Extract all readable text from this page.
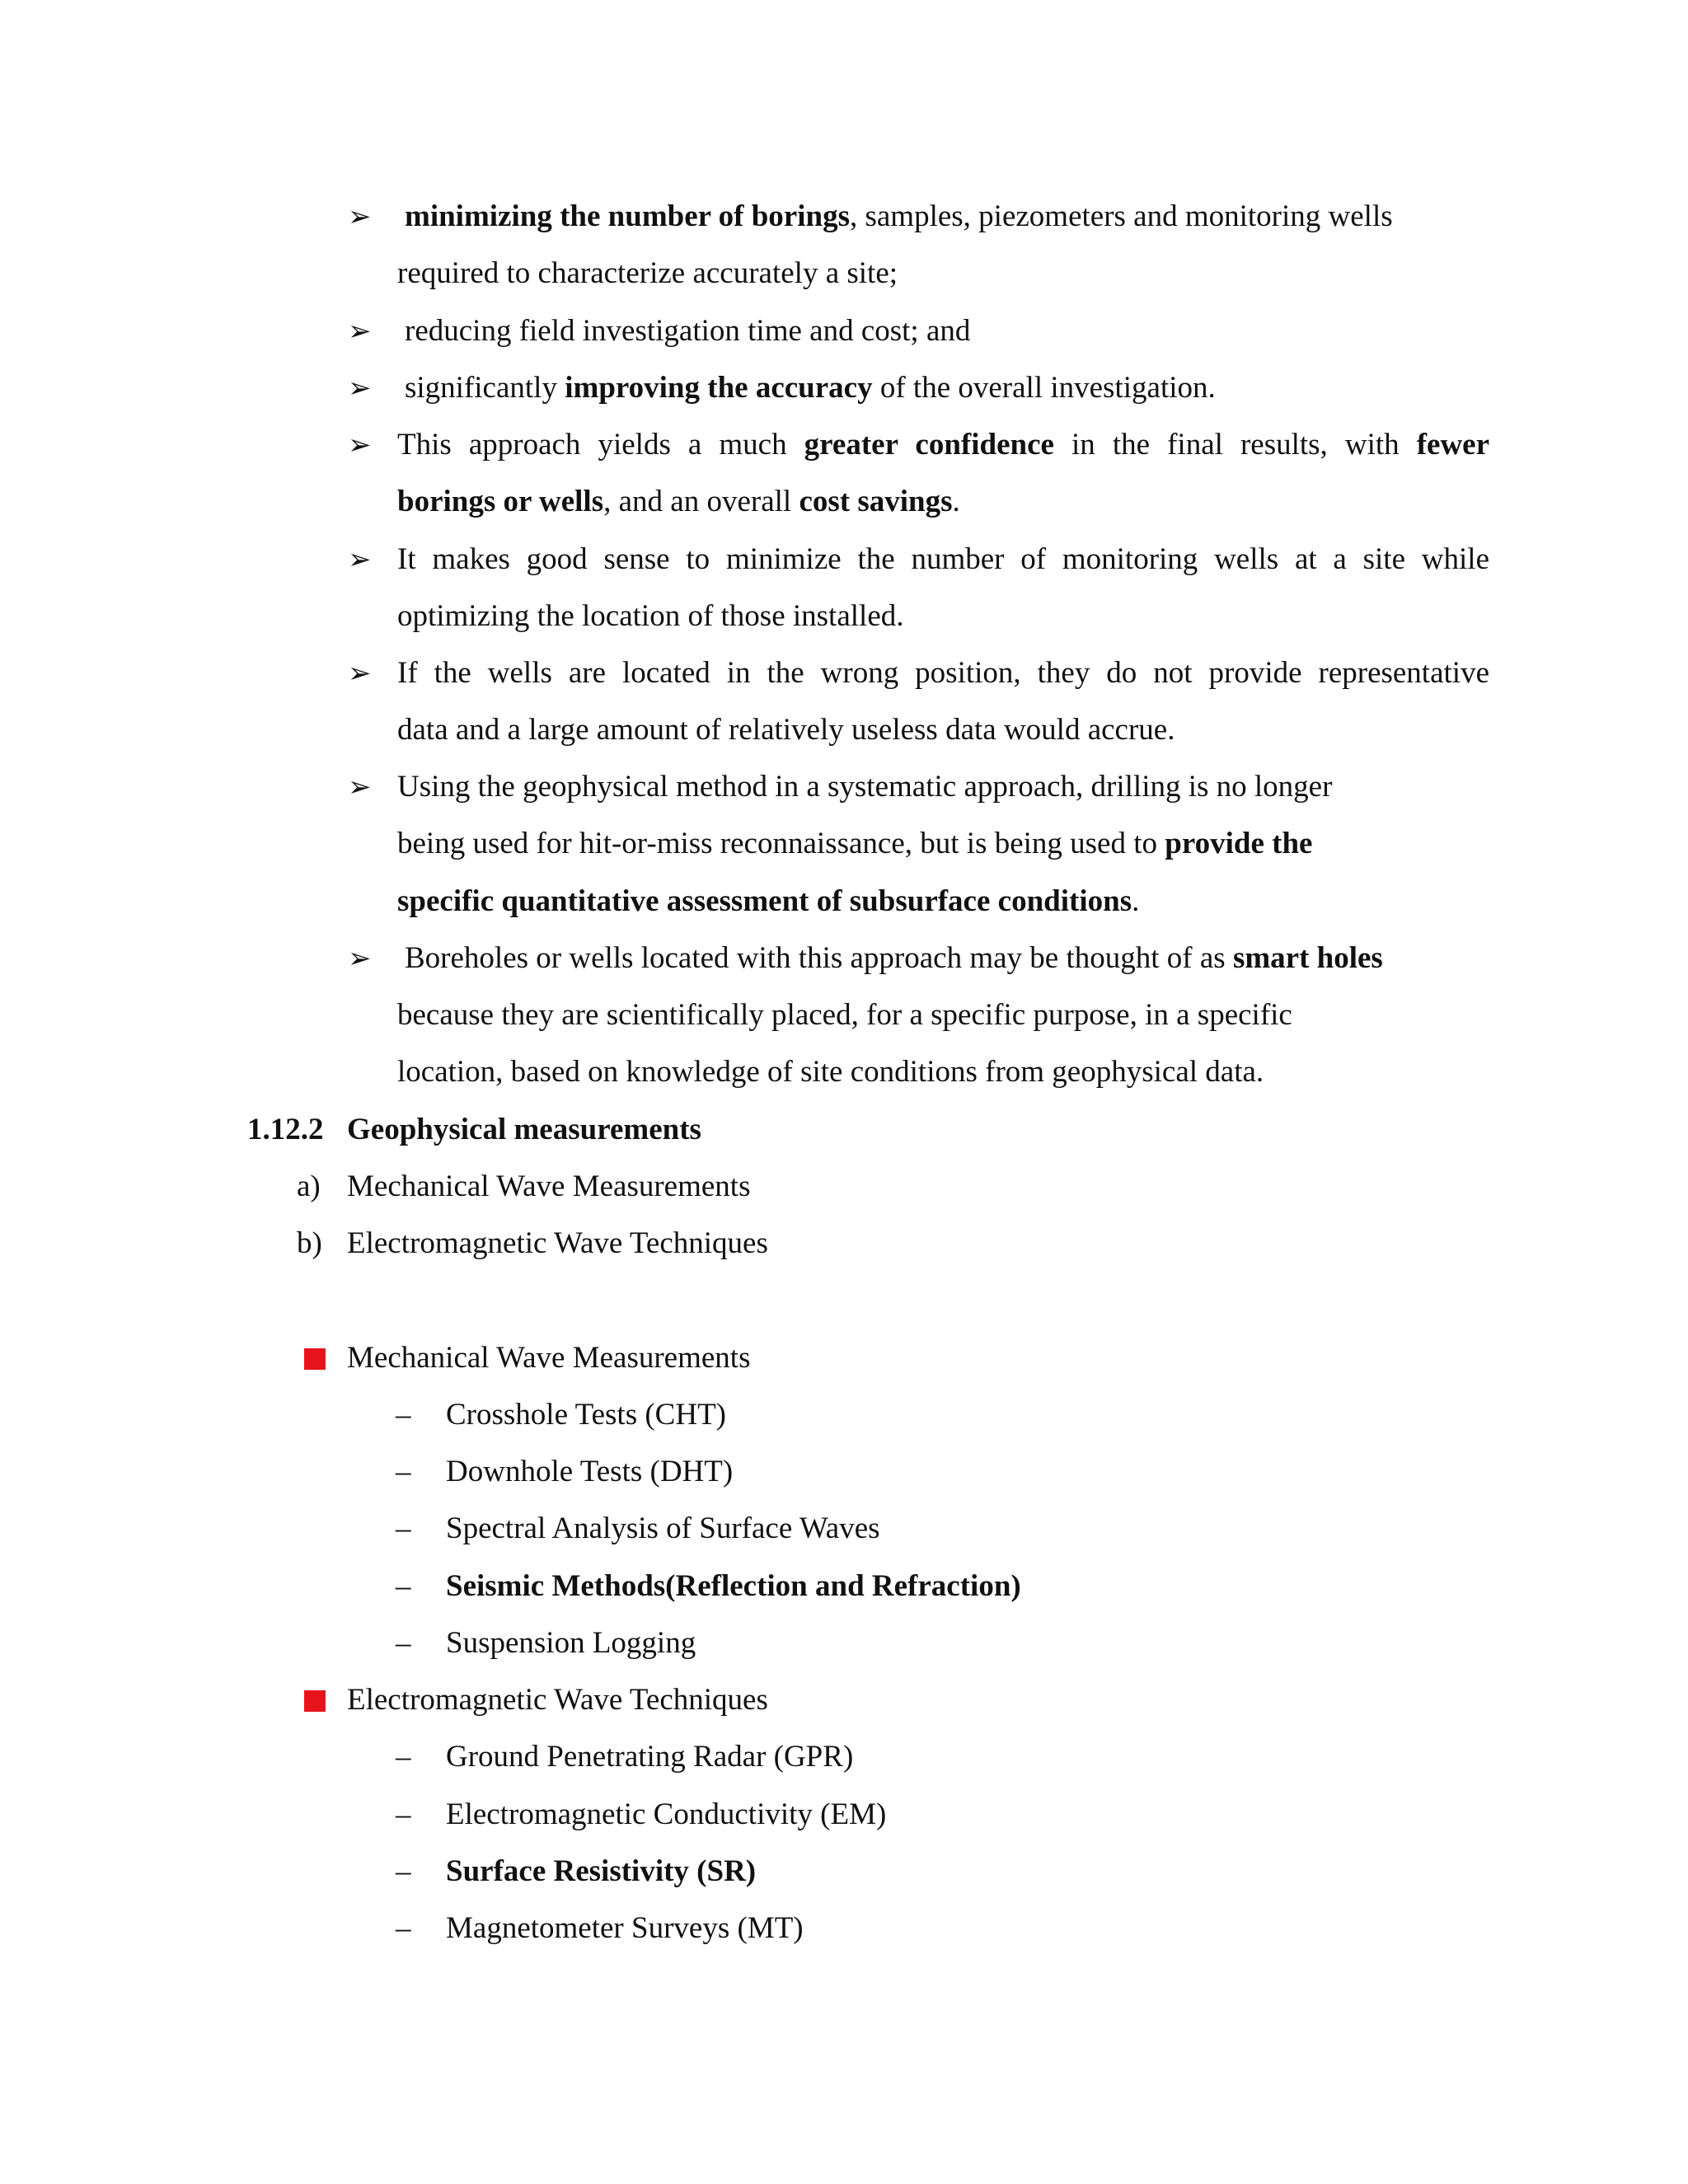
➢ minimizing the number of borings, samples, piezometers and monitoring wells
required to characterize accurately a site;
➢ reducing field investigation time and cost; and
➢ significantly improving the accuracy of the overall investigation.
➢ This approach yields a much greater confidence in the final results, with fewer
borings or wells, and an overall cost savings.
➢ It makes good sense to minimize the number of monitoring wells at a site while
optimizing the location of those installed.
➢ If the wells are located in the wrong position, they do not provide representative
data and a large amount of relatively useless data would accrue.
➢ Using the geophysical method in a systematic approach, drilling is no longer
being used for hit-or-miss reconnaissance, but is being used to provide the
specific quantitative assessment of subsurface conditions.
➢ Boreholes or wells located with this approach may be thought of as smart holes
because they are scientifically placed, for a specific purpose, in a specific
location, based on knowledge of site conditions from geophysical data.
1.12.2 Geophysical measurements
a) Mechanical Wave Measurements
b) Electromagnetic Wave Techniques
Mechanical Wave Measurements
– Crosshole Tests (CHT)
– Downhole Tests (DHT)
– Spectral Analysis of Surface Waves
– Seismic Methods(Reflection and Refraction)
– Suspension Logging
Electromagnetic Wave Techniques
– Ground Penetrating Radar (GPR)
– Electromagnetic Conductivity (EM)
– Surface Resistivity (SR)
– Magnetometer Surveys (MT)
